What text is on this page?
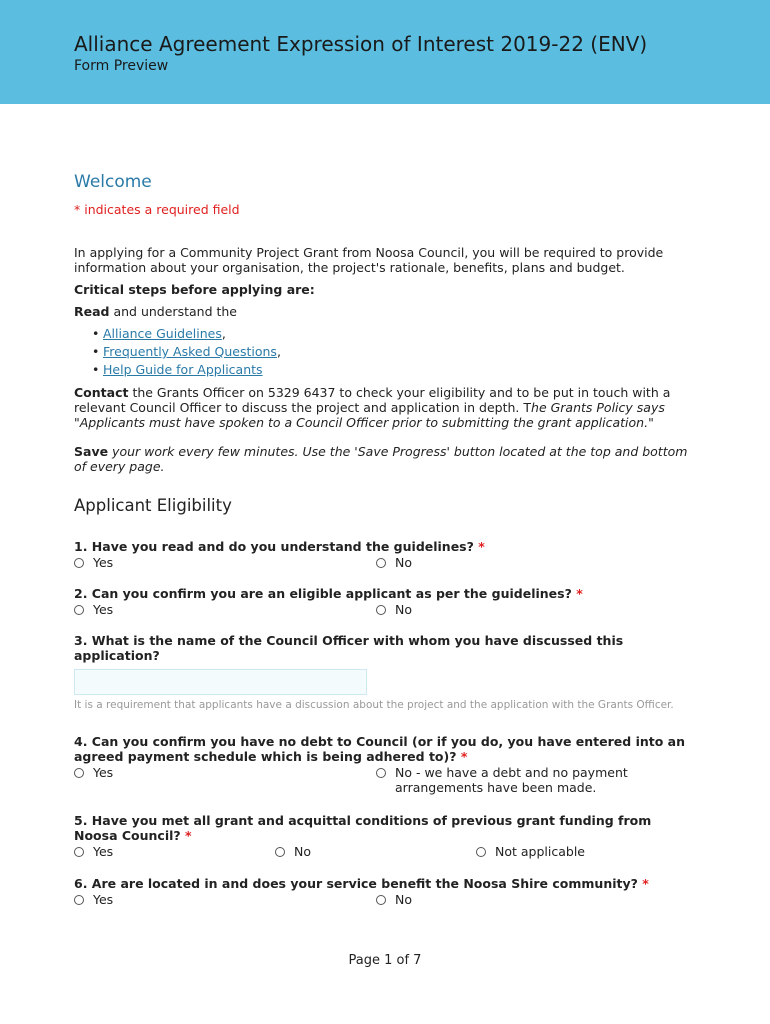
Alliance Agreement Expression of Interest 2019-22 (ENV)
Form Preview
Welcome
* indicates a required field

In applying for a Community Project Grant from Noosa Council, you will be required to provide information about your organisation, the project's rationale, benefits, plans and budget.

Critical steps before applying are:

Read and understand the

• Alliance Guidelines,
• Frequently Asked Questions,
• Help Guide for Applicants

Contact the Grants Officer on 5329 6437 to check your eligibility and to be put in touch with a relevant Council Officer to discuss the project and application in depth. The Grants Policy says "Applicants must have spoken to a Council Officer prior to submitting the grant application."

Save your work every few minutes. Use the 'Save Progress' button located at the top and bottom of every page.

Applicant Eligibility
1. Have you read and do you understand the guidelines? *
Yes	No
2. Can you confirm you are an eligible applicant as per the guidelines? *
Yes	No
3. What is the name of the Council Officer with whom you have discussed this application?
It is a requirement that applicants have a discussion about the project and the application with the Grants Officer.
4. Can you confirm you have no debt to Council (or if you do, you have entered into an agreed payment schedule which is being adhered to)? *
Yes	No - we have a debt and no payment arrangements have been made.
5. Have you met all grant and acquittal conditions of previous grant funding from Noosa Council? *
Yes	No	Not applicable
6. Are are located in and does your service benefit the Noosa Shire community? *
Yes	No
Page 1 of 7
